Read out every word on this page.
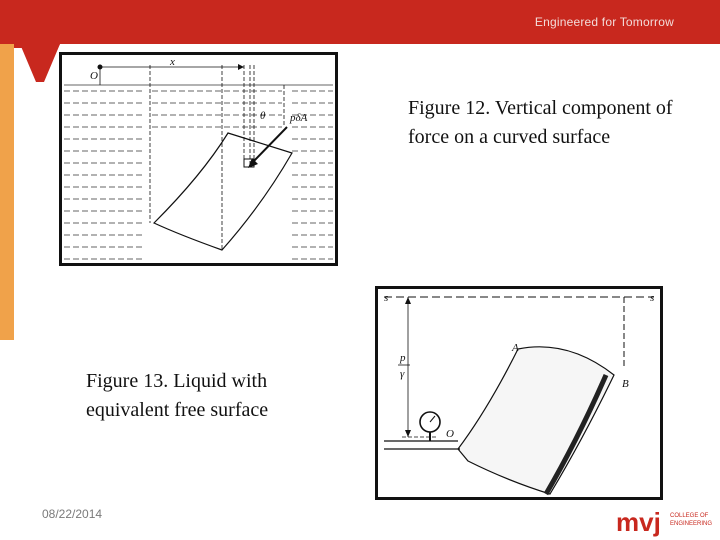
Engineered for Tomorrow
O
x
θ pδA	Figure 12. Vertical component of force on a curved surface
s	s
p
γ
A
B
O
Figure 13. Liquid with equivalent free surface
08/22/2014	mvj COLLEGE OF
ENGINEERING
